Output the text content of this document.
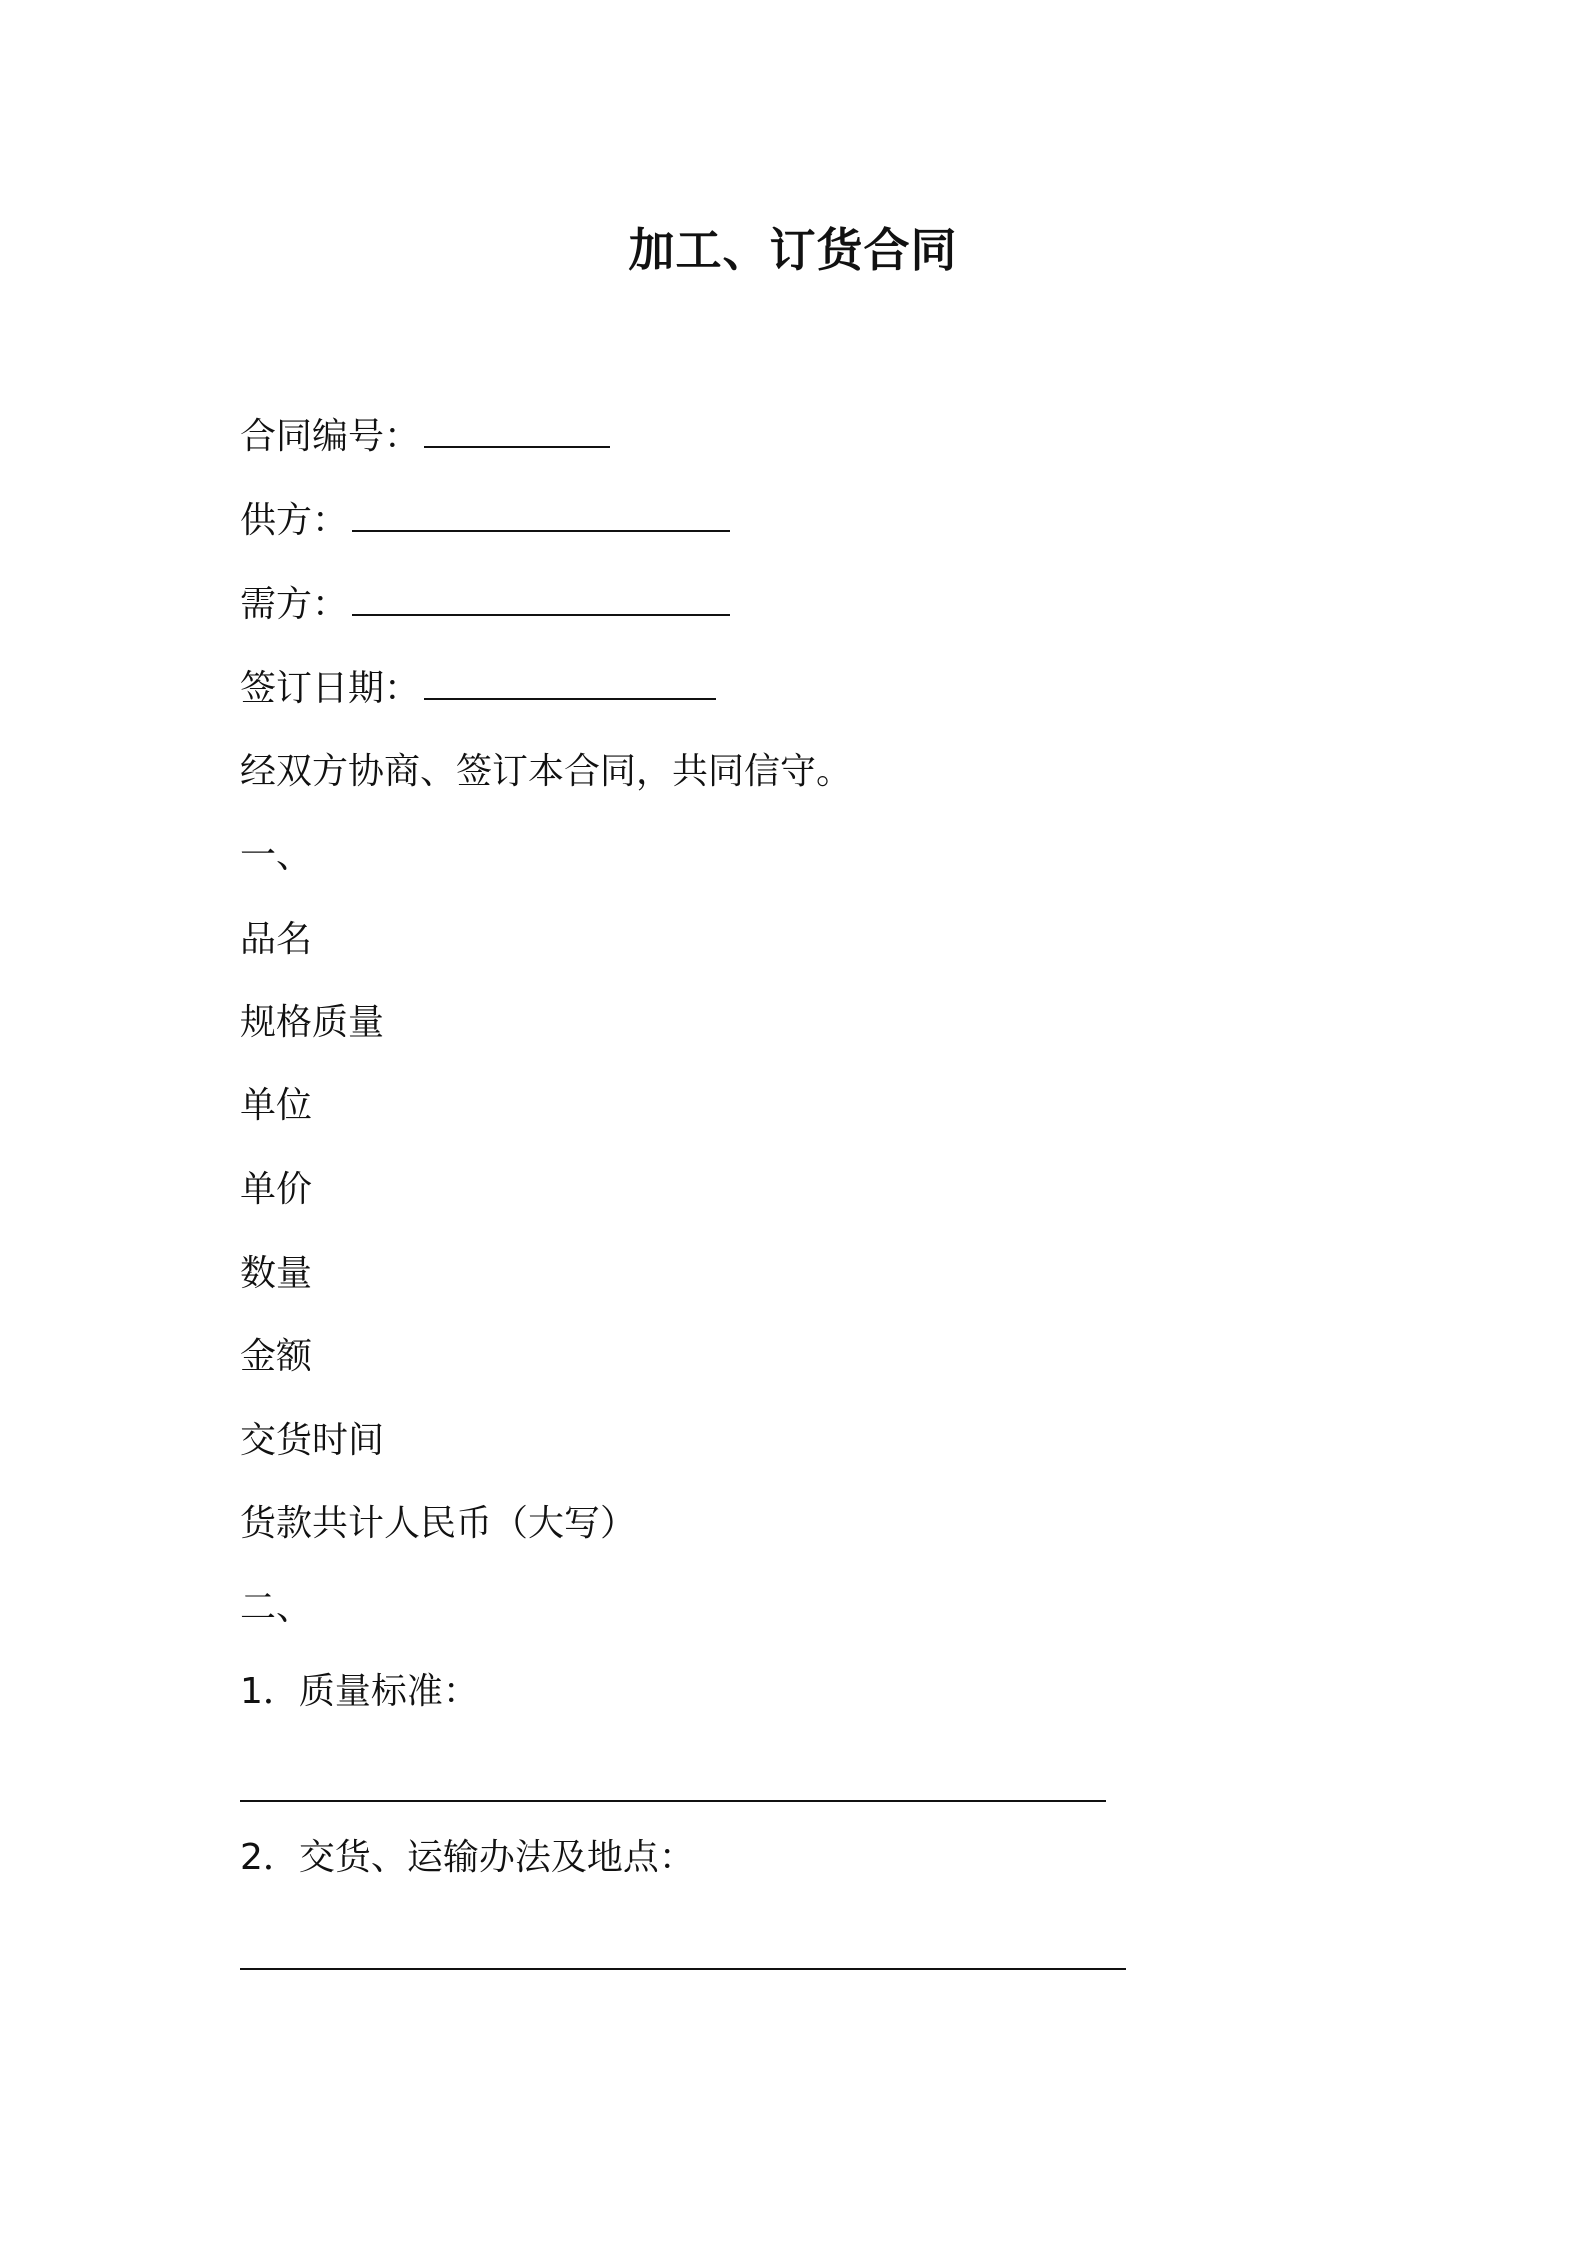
加工、订货合同
合同编号：
供方：
需方：
签订日期：
经双方协商、签订本合同，共同信守。
一、
品名
规格质量
单位
单价
数量
金额
交货时间
货款共计人民币（大写）
二、
1．质量标准：
2．交货、运输办法及地点：
